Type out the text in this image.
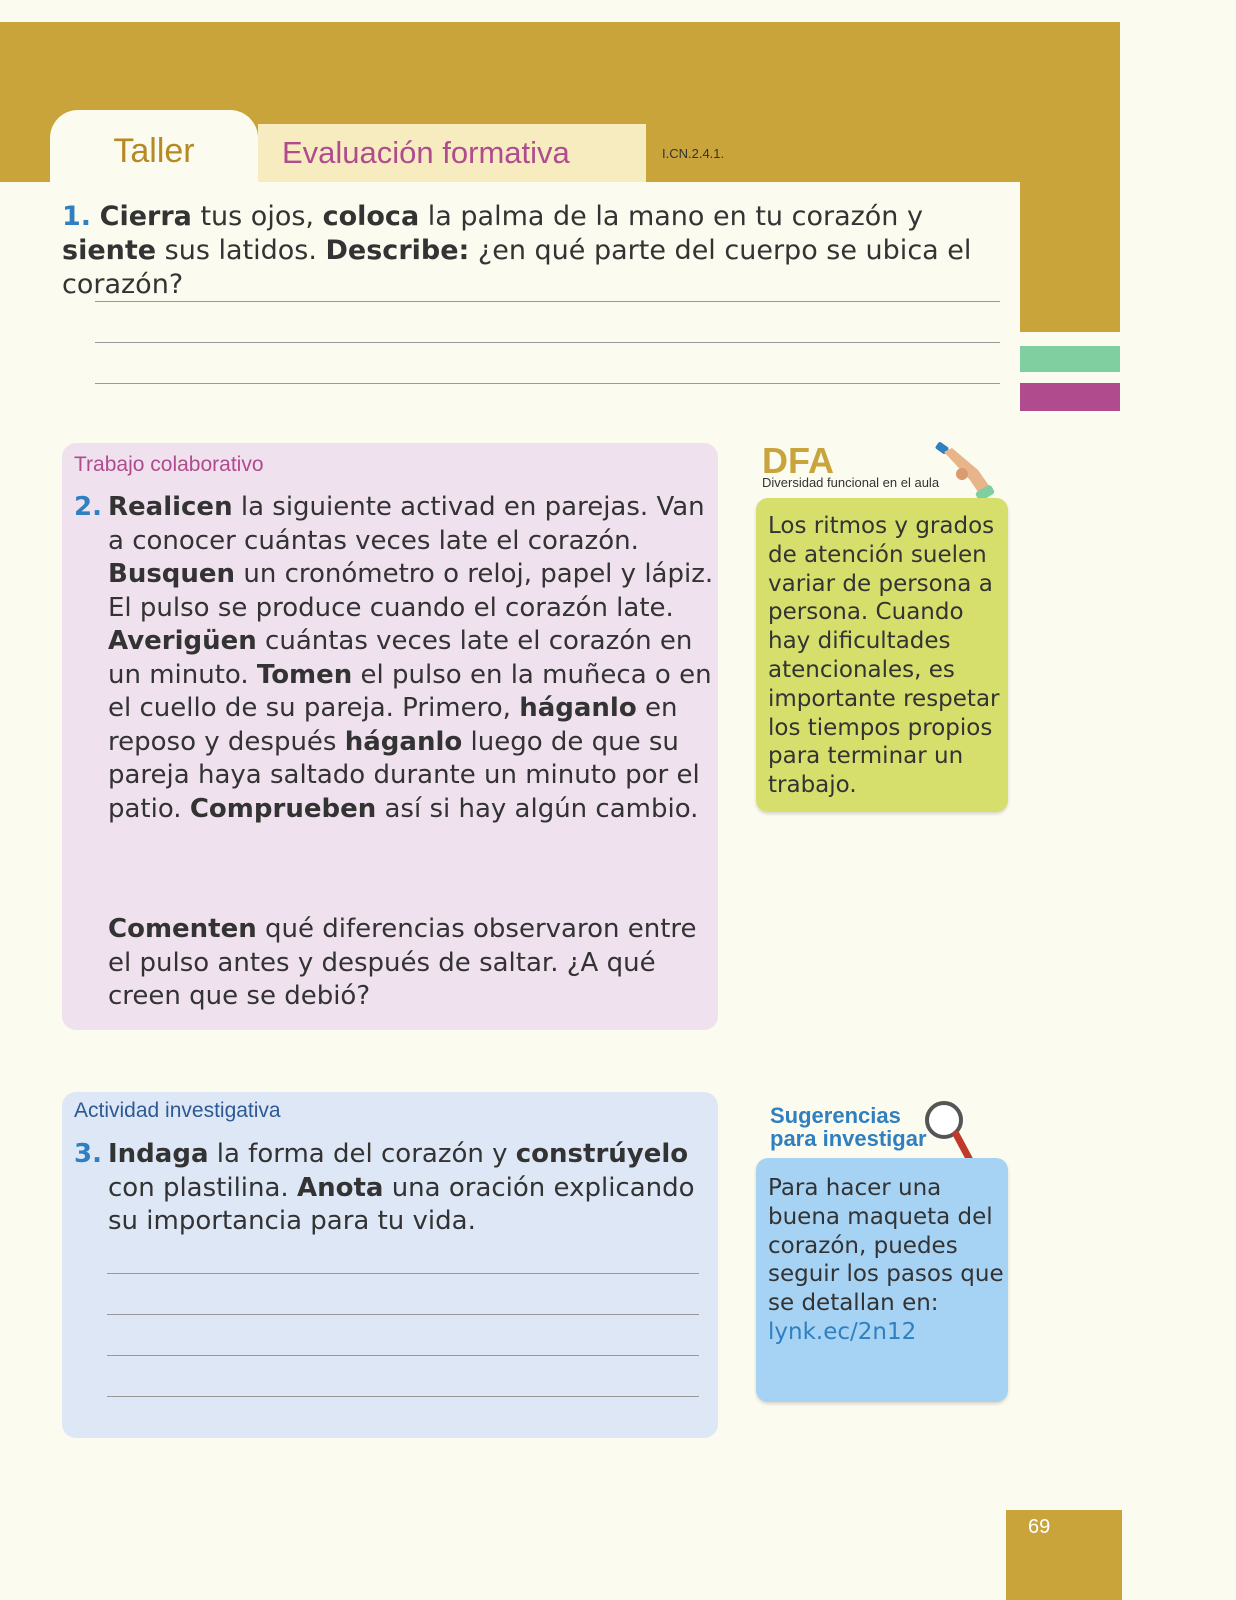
Taller	Evaluación formativa	I.CN.2.4.1.
1. Cierra tus ojos, coloca la palma de la mano en tu corazón y siente sus latidos. Describe: ¿en qué parte del cuerpo se ubica el corazón?
Trabajo colaborativo
2. Realicen la siguiente activad en parejas. Van a conocer cuántas veces late el corazón. Busquen un cronómetro o reloj, papel y lápiz. El pulso se produce cuando el corazón late. Averigüen cuántas veces late el corazón en un minuto. Tomen el pulso en la muñeca o en el cuello de su pareja. Primero, háganlo en reposo y después háganlo luego de que su pareja haya saltado durante un minuto por el patio. Comprueben así si hay algún cambio.
Comenten qué diferencias observaron entre el pulso antes y después de saltar. ¿A qué creen que se debió?
DFA
Diversidad funcional en el aula
Los ritmos y grados de atención suelen variar de persona a persona. Cuando hay dificultades atencionales, es importante respetar los tiempos propios para terminar un trabajo.
Actividad investigativa
3. Indaga la forma del corazón y constrúyelo con plastilina. Anota una oración explicando su importancia para tu vida.
Sugerencias para investigar
Para hacer una buena maqueta del corazón, puedes seguir los pasos que se detallan en: lynk.ec/2n12
69
